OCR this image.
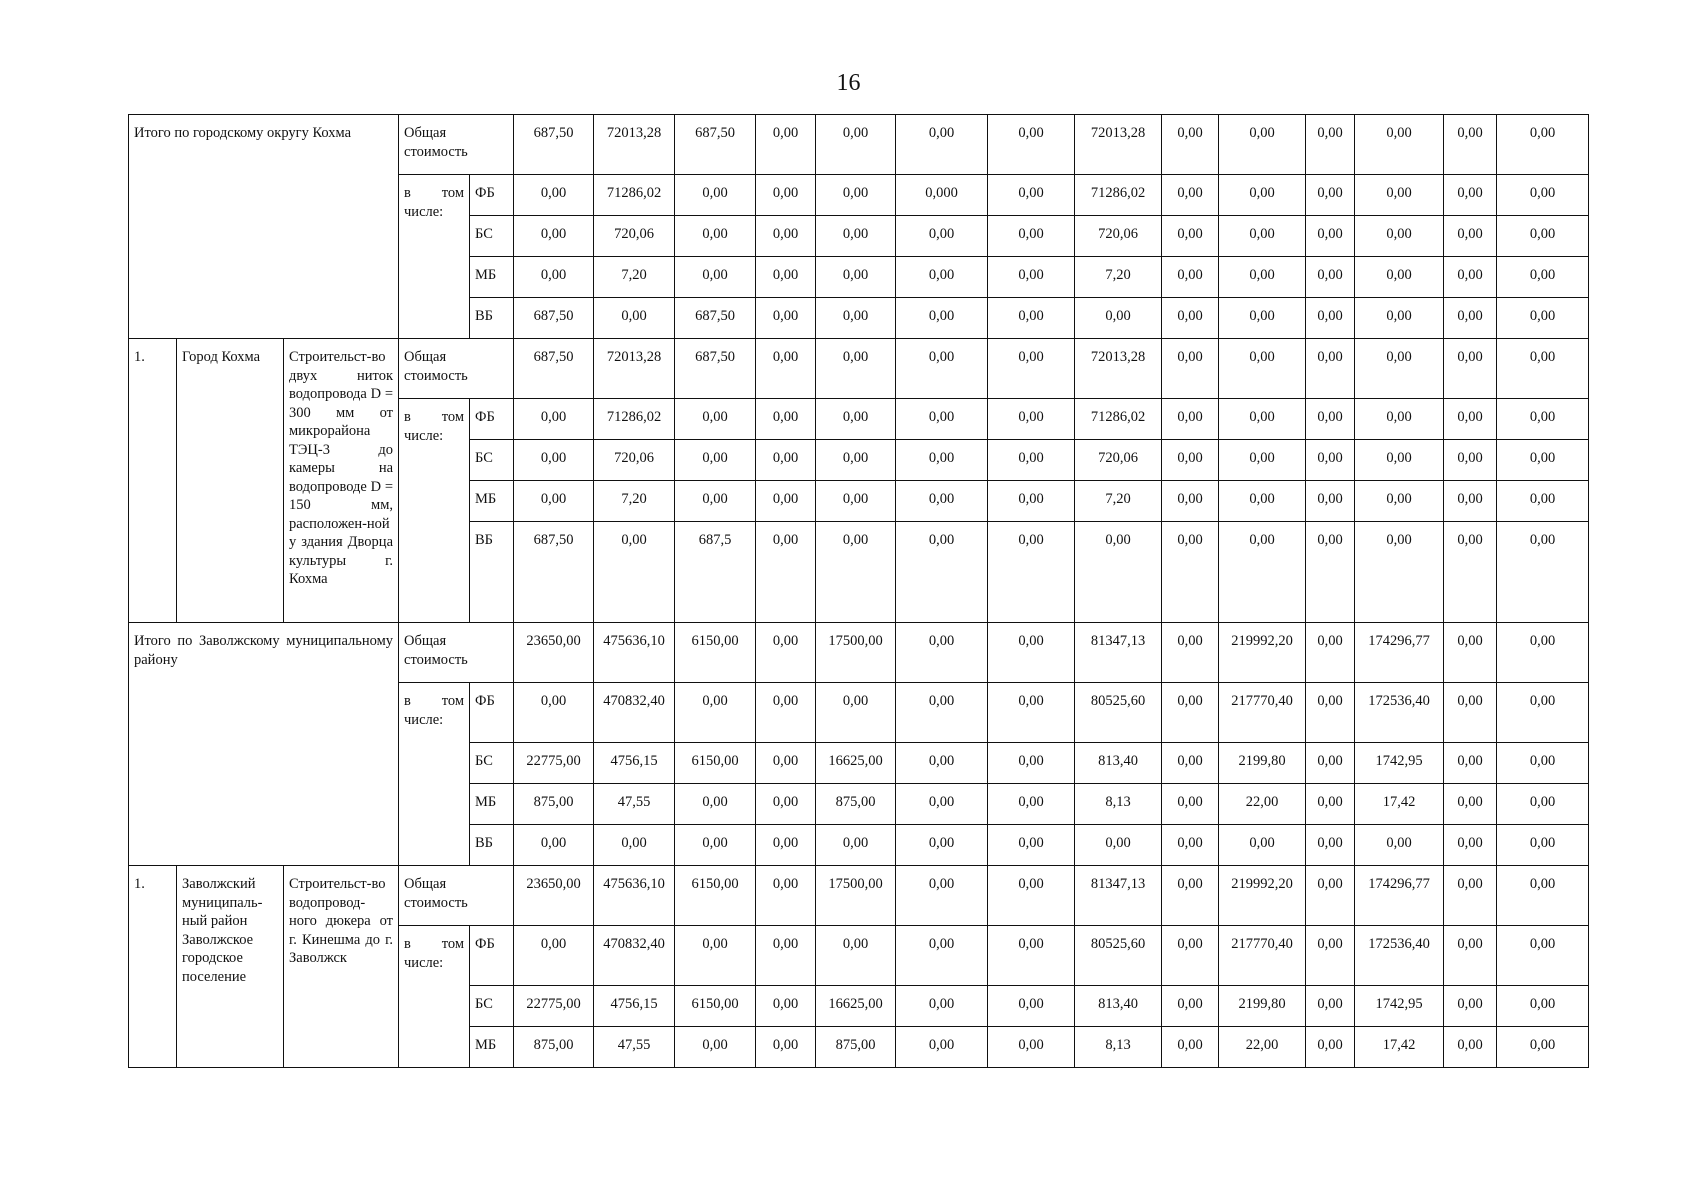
16
Итого по городскому округу Кохма			Общая стоимость		687,50	72013,28	687,50	0,00	0,00	0,00	0,00	72013,28	0,00	0,00	0,00	0,00	0,00	0,00
			в том числе:	ФБ	0,00	71286,02	0,00	0,00	0,00	0,000	0,00	71286,02	0,00	0,00	0,00	0,00	0,00	0,00
				БС	0,00	720,06	0,00	0,00	0,00	0,00	0,00	720,06	0,00	0,00	0,00	0,00	0,00	0,00
				МБ	0,00	7,20	0,00	0,00	0,00	0,00	0,00	7,20	0,00	0,00	0,00	0,00	0,00	0,00
				ВБ	687,50	0,00	687,50	0,00	0,00	0,00	0,00	0,00	0,00	0,00	0,00	0,00	0,00	0,00
1.	Город Кохма	Строительст-во двух ниток водопровода D = 300 мм от микрорайона ТЭЦ-3 до камеры на водопроводе D = 150 мм, расположен-ной у здания Дворца культуры г. Кохма	Общая стоимость		687,50	72013,28	687,50	0,00	0,00	0,00	0,00	72013,28	0,00	0,00	0,00	0,00	0,00	0,00
			в том числе:	ФБ	0,00	71286,02	0,00	0,00	0,00	0,00	0,00	71286,02	0,00	0,00	0,00	0,00	0,00	0,00
				БС	0,00	720,06	0,00	0,00	0,00	0,00	0,00	720,06	0,00	0,00	0,00	0,00	0,00	0,00
				МБ	0,00	7,20	0,00	0,00	0,00	0,00	0,00	7,20	0,00	0,00	0,00	0,00	0,00	0,00
				ВБ	687,50	0,00	687,5	0,00	0,00	0,00	0,00	0,00	0,00	0,00	0,00	0,00	0,00	0,00
Итого по Заволжскому муниципальному району			Общая стоимость		23650,00	475636,10	6150,00	0,00	17500,00	0,00	0,00	81347,13	0,00	219992,20	0,00	174296,77	0,00	0,00
			в том числе:	ФБ	0,00	470832,40	0,00	0,00	0,00	0,00	0,00	80525,60	0,00	217770,40	0,00	172536,40	0,00	0,00
				БС	22775,00	4756,15	6150,00	0,00	16625,00	0,00	0,00	813,40	0,00	2199,80	0,00	1742,95	0,00	0,00
				МБ	875,00	47,55	0,00	0,00	875,00	0,00	0,00	8,13	0,00	22,00	0,00	17,42	0,00	0,00
				ВБ	0,00	0,00	0,00	0,00	0,00	0,00	0,00	0,00	0,00	0,00	0,00	0,00	0,00	0,00
1.	Заволжский муниципаль-ный район Заволжское городское поселение	Строительст-во водопровод-ного дюкера от г. Кинешма до г. Заволжск	Общая стоимость		23650,00	475636,10	6150,00	0,00	17500,00	0,00	0,00	81347,13	0,00	219992,20	0,00	174296,77	0,00	0,00
			в том числе:	ФБ	0,00	470832,40	0,00	0,00	0,00	0,00	0,00	80525,60	0,00	217770,40	0,00	172536,40	0,00	0,00
				БС	22775,00	4756,15	6150,00	0,00	16625,00	0,00	0,00	813,40	0,00	2199,80	0,00	1742,95	0,00	0,00
				МБ	875,00	47,55	0,00	0,00	875,00	0,00	0,00	8,13	0,00	22,00	0,00	17,42	0,00	0,00
